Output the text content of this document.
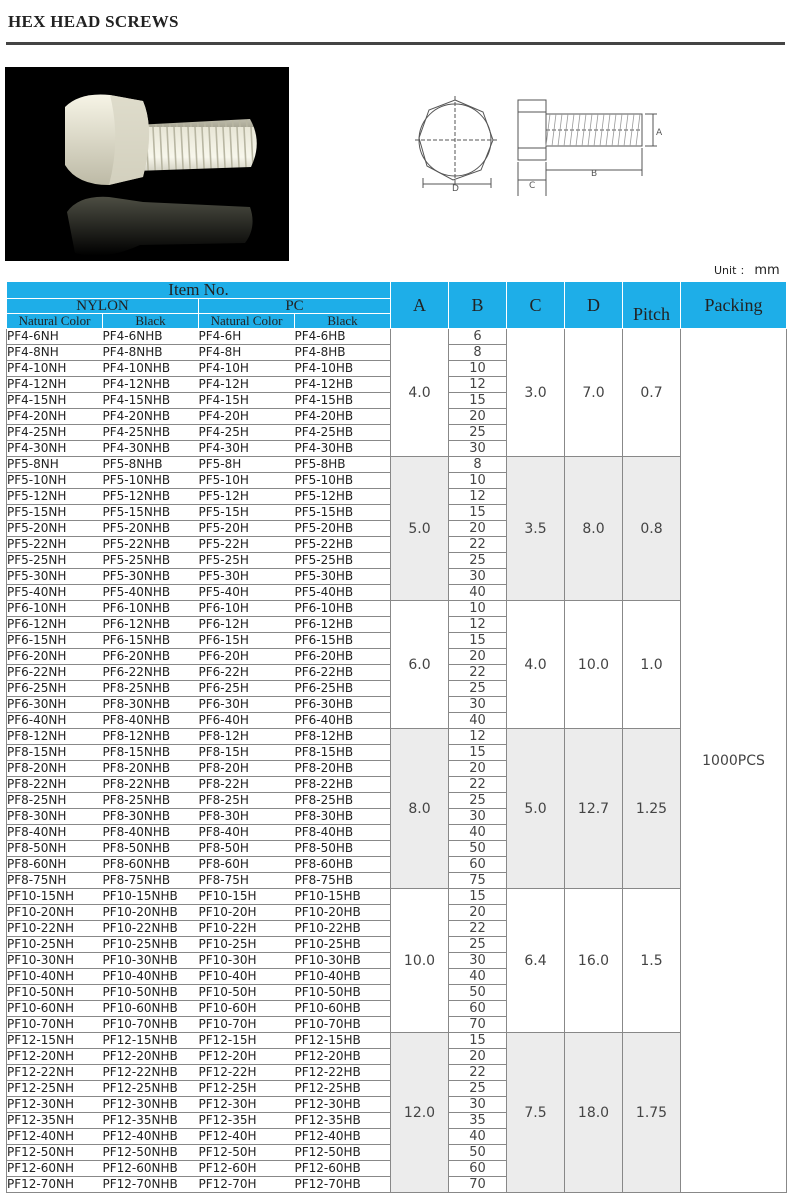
HEX HEAD SCREWS
D	C
B
A
Unit ： mm
Item No.				A	B	C	D	Pitch	Packing
NYLON		PC							
Natural Color	Black	Natural Color	Black						
PF4-6NH	PF4-6NHB	PF4-6H	PF4-6HB	4.0	6	3.0	7.0	0.7	1000PCS
PF4-8NH	PF4-8NHB	PF4-8H	PF4-8HB		8				
PF4-10NH	PF4-10NHB	PF4-10H	PF4-10HB		10				
PF4-12NH	PF4-12NHB	PF4-12H	PF4-12HB		12				
PF4-15NH	PF4-15NHB	PF4-15H	PF4-15HB		15				
PF4-20NH	PF4-20NHB	PF4-20H	PF4-20HB		20				
PF4-25NH	PF4-25NHB	PF4-25H	PF4-25HB		25				
PF4-30NH	PF4-30NHB	PF4-30H	PF4-30HB		30				
PF5-8NH	PF5-8NHB	PF5-8H	PF5-8HB	5.0	8	3.5	8.0	0.8	
PF5-10NH	PF5-10NHB	PF5-10H	PF5-10HB		10				
PF5-12NH	PF5-12NHB	PF5-12H	PF5-12HB		12				
PF5-15NH	PF5-15NHB	PF5-15H	PF5-15HB		15				
PF5-20NH	PF5-20NHB	PF5-20H	PF5-20HB		20				
PF5-22NH	PF5-22NHB	PF5-22H	PF5-22HB		22				
PF5-25NH	PF5-25NHB	PF5-25H	PF5-25HB		25				
PF5-30NH	PF5-30NHB	PF5-30H	PF5-30HB		30				
PF5-40NH	PF5-40NHB	PF5-40H	PF5-40HB		40				
PF6-10NH	PF6-10NHB	PF6-10H	PF6-10HB	6.0	10	4.0	10.0	1.0	
PF6-12NH	PF6-12NHB	PF6-12H	PF6-12HB		12				
PF6-15NH	PF6-15NHB	PF6-15H	PF6-15HB		15				
PF6-20NH	PF6-20NHB	PF6-20H	PF6-20HB		20				
PF6-22NH	PF6-22NHB	PF6-22H	PF6-22HB		22				
PF6-25NH	PF8-25NHB	PF6-25H	PF6-25HB		25				
PF6-30NH	PF8-30NHB	PF6-30H	PF6-30HB		30				
PF6-40NH	PF8-40NHB	PF6-40H	PF6-40HB		40				
PF8-12NH	PF8-12NHB	PF8-12H	PF8-12HB	8.0	12	5.0	12.7	1.25	
PF8-15NH	PF8-15NHB	PF8-15H	PF8-15HB		15				
PF8-20NH	PF8-20NHB	PF8-20H	PF8-20HB		20				
PF8-22NH	PF8-22NHB	PF8-22H	PF8-22HB		22				
PF8-25NH	PF8-25NHB	PF8-25H	PF8-25HB		25				
PF8-30NH	PF8-30NHB	PF8-30H	PF8-30HB		30				
PF8-40NH	PF8-40NHB	PF8-40H	PF8-40HB		40				
PF8-50NH	PF8-50NHB	PF8-50H	PF8-50HB		50				
PF8-60NH	PF8-60NHB	PF8-60H	PF8-60HB		60				
PF8-75NH	PF8-75NHB	PF8-75H	PF8-75HB		75				
PF10-15NH	PF10-15NHB	PF10-15H	PF10-15HB	10.0	15	6.4	16.0	1.5	
PF10-20NH	PF10-20NHB	PF10-20H	PF10-20HB		20				
PF10-22NH	PF10-22NHB	PF10-22H	PF10-22HB		22				
PF10-25NH	PF10-25NHB	PF10-25H	PF10-25HB		25				
PF10-30NH	PF10-30NHB	PF10-30H	PF10-30HB		30				
PF10-40NH	PF10-40NHB	PF10-40H	PF10-40HB		40				
PF10-50NH	PF10-50NHB	PF10-50H	PF10-50HB		50				
PF10-60NH	PF10-60NHB	PF10-60H	PF10-60HB		60				
PF10-70NH	PF10-70NHB	PF10-70H	PF10-70HB		70				
PF12-15NH	PF12-15NHB	PF12-15H	PF12-15HB	12.0	15	7.5	18.0	1.75	
PF12-20NH	PF12-20NHB	PF12-20H	PF12-20HB		20				
PF12-22NH	PF12-22NHB	PF12-22H	PF12-22HB		22				
PF12-25NH	PF12-25NHB	PF12-25H	PF12-25HB		25				
PF12-30NH	PF12-30NHB	PF12-30H	PF12-30HB		30				
PF12-35NH	PF12-35NHB	PF12-35H	PF12-35HB		35				
PF12-40NH	PF12-40NHB	PF12-40H	PF12-40HB		40				
PF12-50NH	PF12-50NHB	PF12-50H	PF12-50HB		50				
PF12-60NH	PF12-60NHB	PF12-60H	PF12-60HB		60				
PF12-70NH	PF12-70NHB	PF12-70H	PF12-70HB		70				
